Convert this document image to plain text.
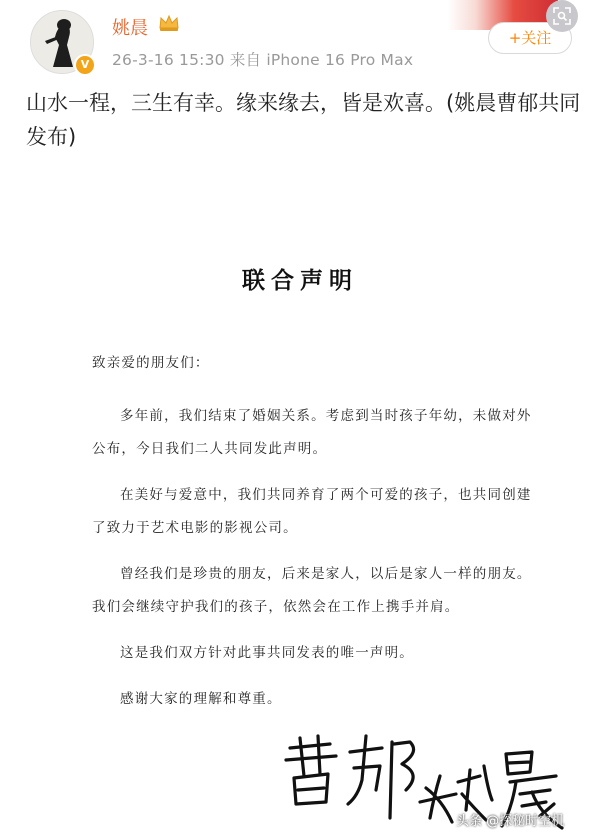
V
姚晨
26-3-16 15:30 来自 iPhone 16 Pro Max
+关注
山水一程，三生有幸。缘来缘去，皆是欢喜。(姚晨曹郁共同发布)
联合声明

致亲爱的朋友们：

多年前，我们结束了婚姻关系。考虑到当时孩子年幼，未做对外公布，今日我们二人共同发此声明。

在美好与爱意中，我们共同养育了两个可爱的孩子，也共同创建了致力于艺术电影的影视公司。

曾经我们是珍贵的朋友，后来是家人，以后是家人一样的朋友。我们会继续守护我们的孩子，依然会在工作上携手并肩。

这是我们双方针对此事共同发表的唯一声明。

感谢大家的理解和尊重。

头条 @探秘时空机
